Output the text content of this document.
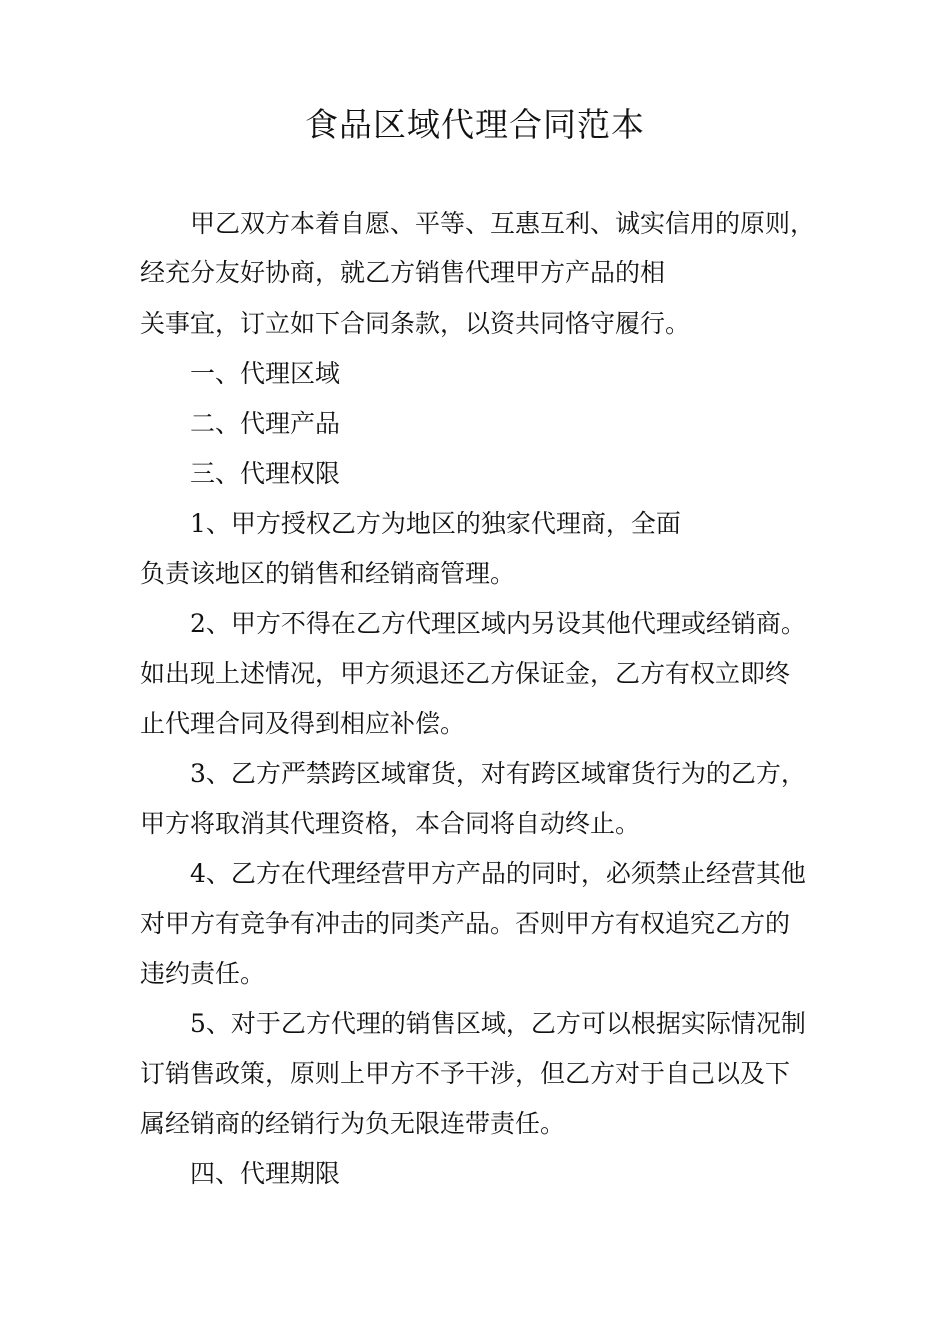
食品区域代理合同范本

甲乙双方本着自愿、平等、互惠互利、诚实信用的原则，

经充分友好协商，就乙方销售代理甲方产品的相

关事宜，订立如下合同条款，以资共同恪守履行。

一、代理区域

二、代理产品

三、代理权限

1、甲方授权乙方为地区的独家代理商，全面

负责该地区的销售和经销商管理。

2、甲方不得在乙方代理区域内另设其他代理或经销商。

如出现上述情况，甲方须退还乙方保证金，乙方有权立即终

止代理合同及得到相应补偿。

3、乙方严禁跨区域窜货，对有跨区域窜货行为的乙方，

甲方将取消其代理资格，本合同将自动终止。

4、乙方在代理经营甲方产品的同时，必须禁止经营其他

对甲方有竞争有冲击的同类产品。否则甲方有权追究乙方的

违约责任。

5、对于乙方代理的销售区域，乙方可以根据实际情况制

订销售政策，原则上甲方不予干涉，但乙方对于自己以及下

属经销商的经销行为负无限连带责任。

四、代理期限
